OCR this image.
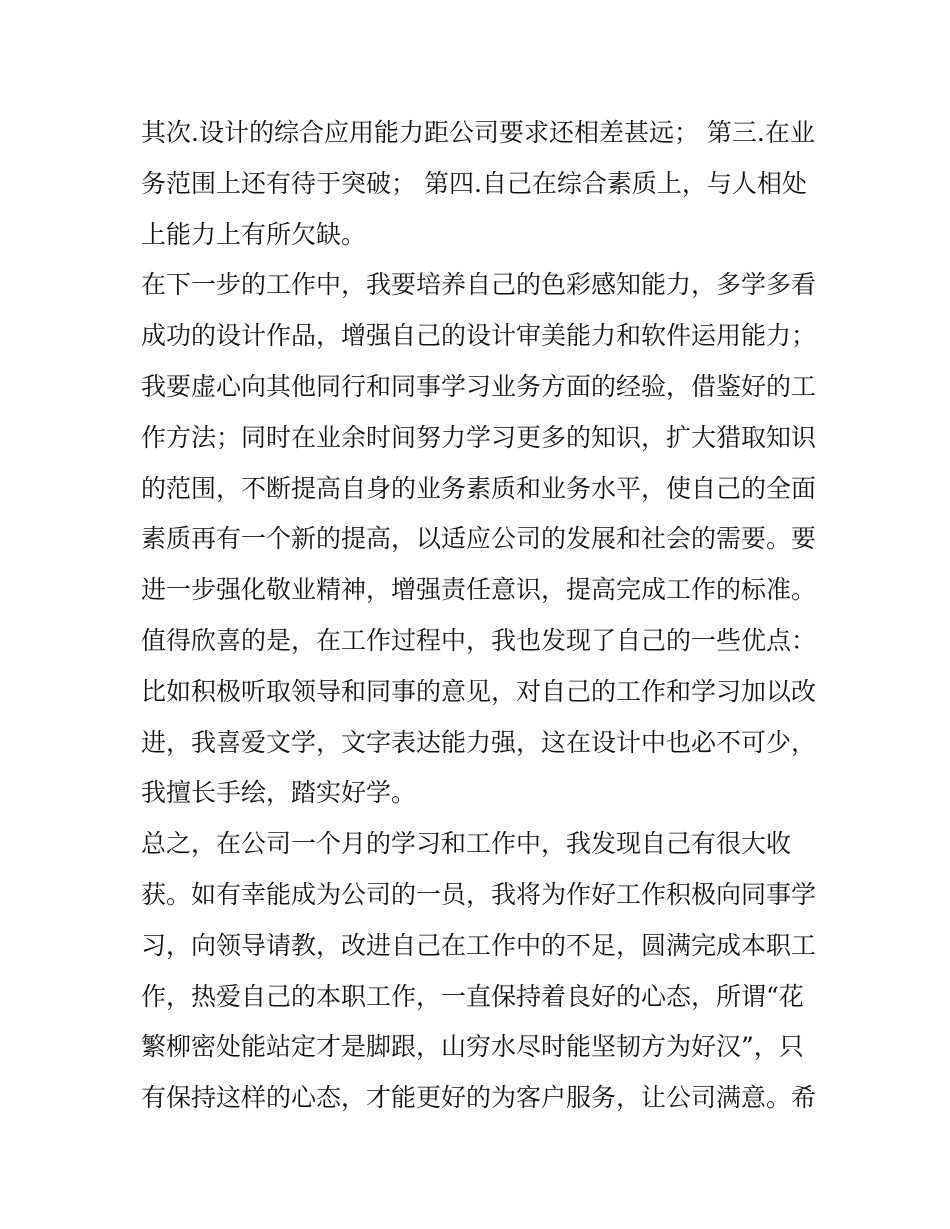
其次.设计的综合应用能力距公司要求还相差甚远； 第三.在业
务范围上还有待于突破； 第四.自己在综合素质上，与人相处
上能力上有所欠缺。
在下一步的工作中，我要培养自己的色彩感知能力，多学多看
成功的设计作品，增强自己的设计审美能力和软件运用能力；
我要虚心向其他同行和同事学习业务方面的经验，借鉴好的工
作方法；同时在业余时间努力学习更多的知识，扩大猎取知识
的范围，不断提高自身的业务素质和业务水平，使自己的全面
素质再有一个新的提高，以适应公司的发展和社会的需要。要
进一步强化敬业精神，增强责任意识，提高完成工作的标准。
值得欣喜的是，在工作过程中，我也发现了自己的一些优点：
比如积极听取领导和同事的意见，对自己的工作和学习加以改
进，我喜爱文学，文字表达能力强，这在设计中也必不可少，
我擅长手绘，踏实好学。
总之，在公司一个月的学习和工作中，我发现自己有很大收
获。如有幸能成为公司的一员，我将为作好工作积极向同事学
习，向领导请教，改进自己在工作中的不足，圆满完成本职工
作，热爱自己的本职工作，一直保持着良好的心态，所谓“花
繁柳密处能站定才是脚跟，山穷水尽时能坚韧方为好汉”，只
有保持这样的心态，才能更好的为客户服务，让公司满意。希
